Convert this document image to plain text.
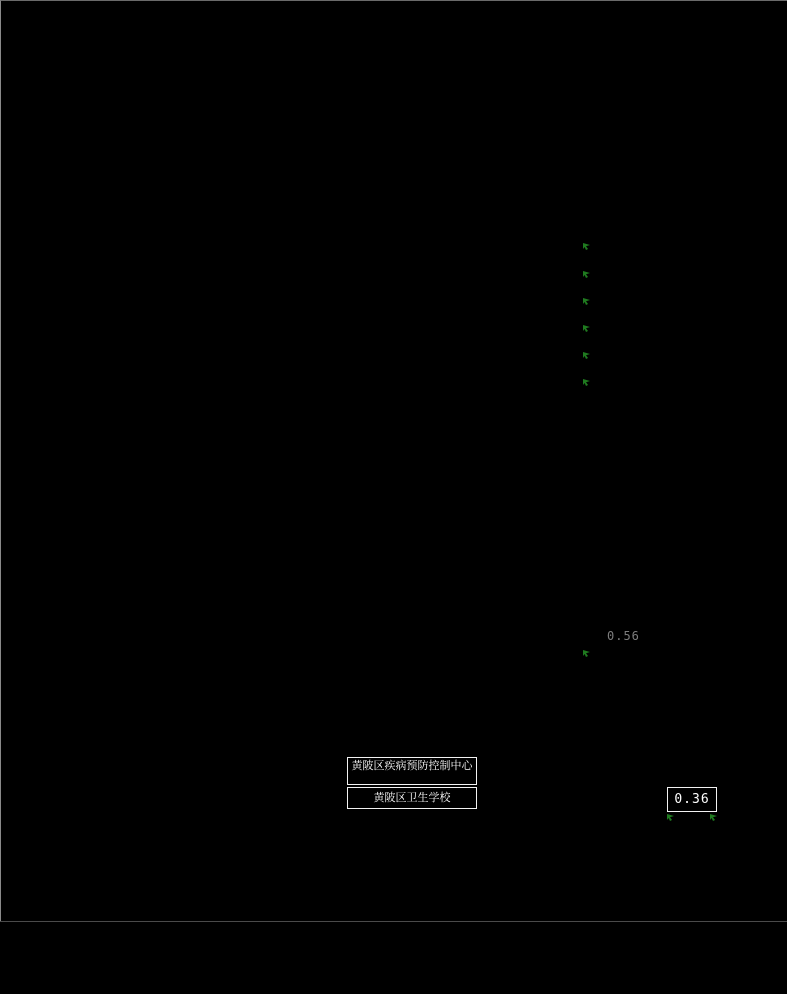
0.56
黄陂区疾病预防控制中心
黄陂区卫生学校	0.36
